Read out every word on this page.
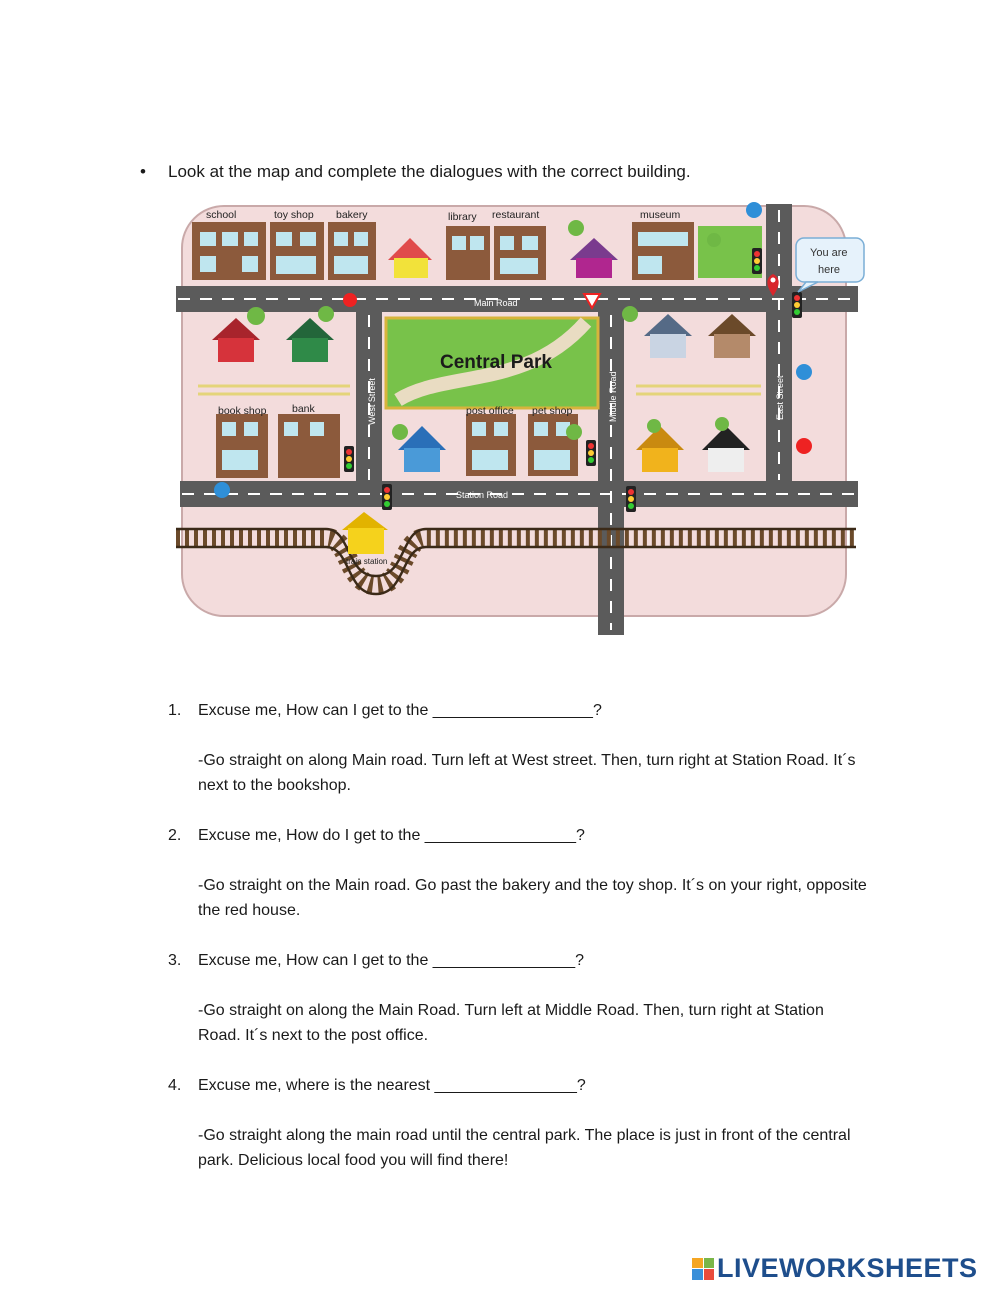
• Look at the map and complete the dialogues with the correct building.
Central Park
You are
here
school	toy shop bakery	library restaurant	museum
book shop bank	post office pet shop
train station
Main Road
Station Road
West Street	Middle Road	East Street
1. Excuse me, How can I get to the __________________?
-Go straight on along Main road. Turn left at West street. Then, turn right at Station Road. It´s next to the bookshop.
2. Excuse me, How do I get to the _________________?
-Go straight on the Main road. Go past the bakery and the toy shop. It´s on your right, opposite the red house.
3. Excuse me, How can I get to the ________________?
-Go straight on along the Main Road. Turn left at Middle Road. Then, turn right at Station Road. It´s next to the post office.
4. Excuse me, where is the nearest ________________?
-Go straight along the main road until the central park. The place is just in front of the central park. Delicious local food you will find there!
LIVEWORKSHEETS
